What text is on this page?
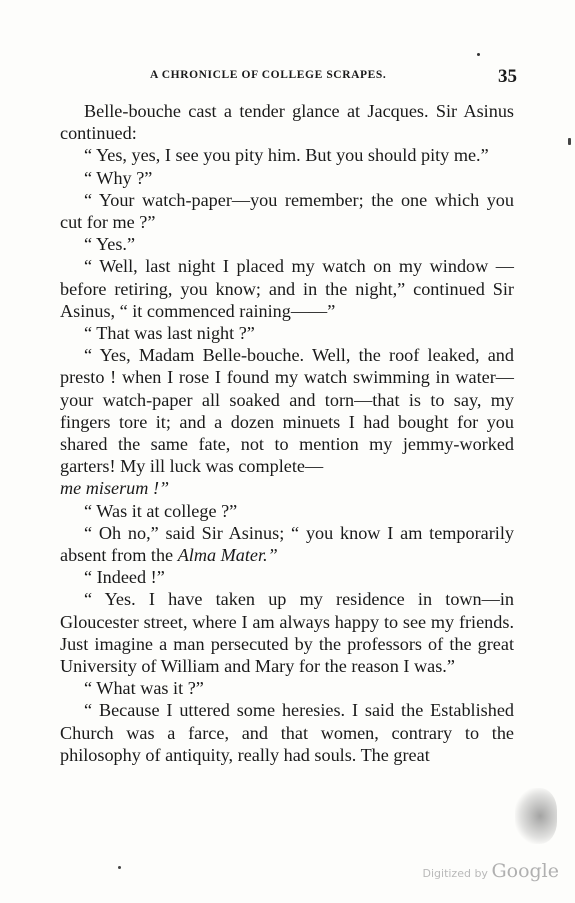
A CHRONICLE OF COLLEGE SCRAPES.	35

Belle-bouche cast a tender glance at Jacques. Sir Asinus continued:

“ Yes, yes, I see you pity him. But you should pity me.”

“ Why ?”

“ Your watch-paper—you remember; the one which you cut for me ?”

“ Yes.”

“ Well, last night I placed my watch on my window —before retiring, you know; and in the night,” continued Sir Asinus, “ it commenced raining——”

“ That was last night ?”

“ Yes, Madam Belle-bouche. Well, the roof leaked, and presto ! when I rose I found my watch swimming in water—your watch-paper all soaked and torn—that is to say, my fingers tore it; and a dozen minuets I had bought for you shared the same fate, not to mention my jemmy-worked garters! My ill luck was complete—

me miserum !”

“ Was it at college ?”

“ Oh no,” said Sir Asinus; “ you know I am temporarily absent from the Alma Mater.”

“ Indeed !”

“ Yes. I have taken up my residence in town—in Gloucester street, where I am always happy to see my friends. Just imagine a man persecuted by the professors of the great University of William and Mary for the reason I was.”

“ What was it ?”

“ Because I uttered some heresies. I said the Established Church was a farce, and that women, contrary to the philosophy of antiquity, really had souls. The great

Digitized by Google
